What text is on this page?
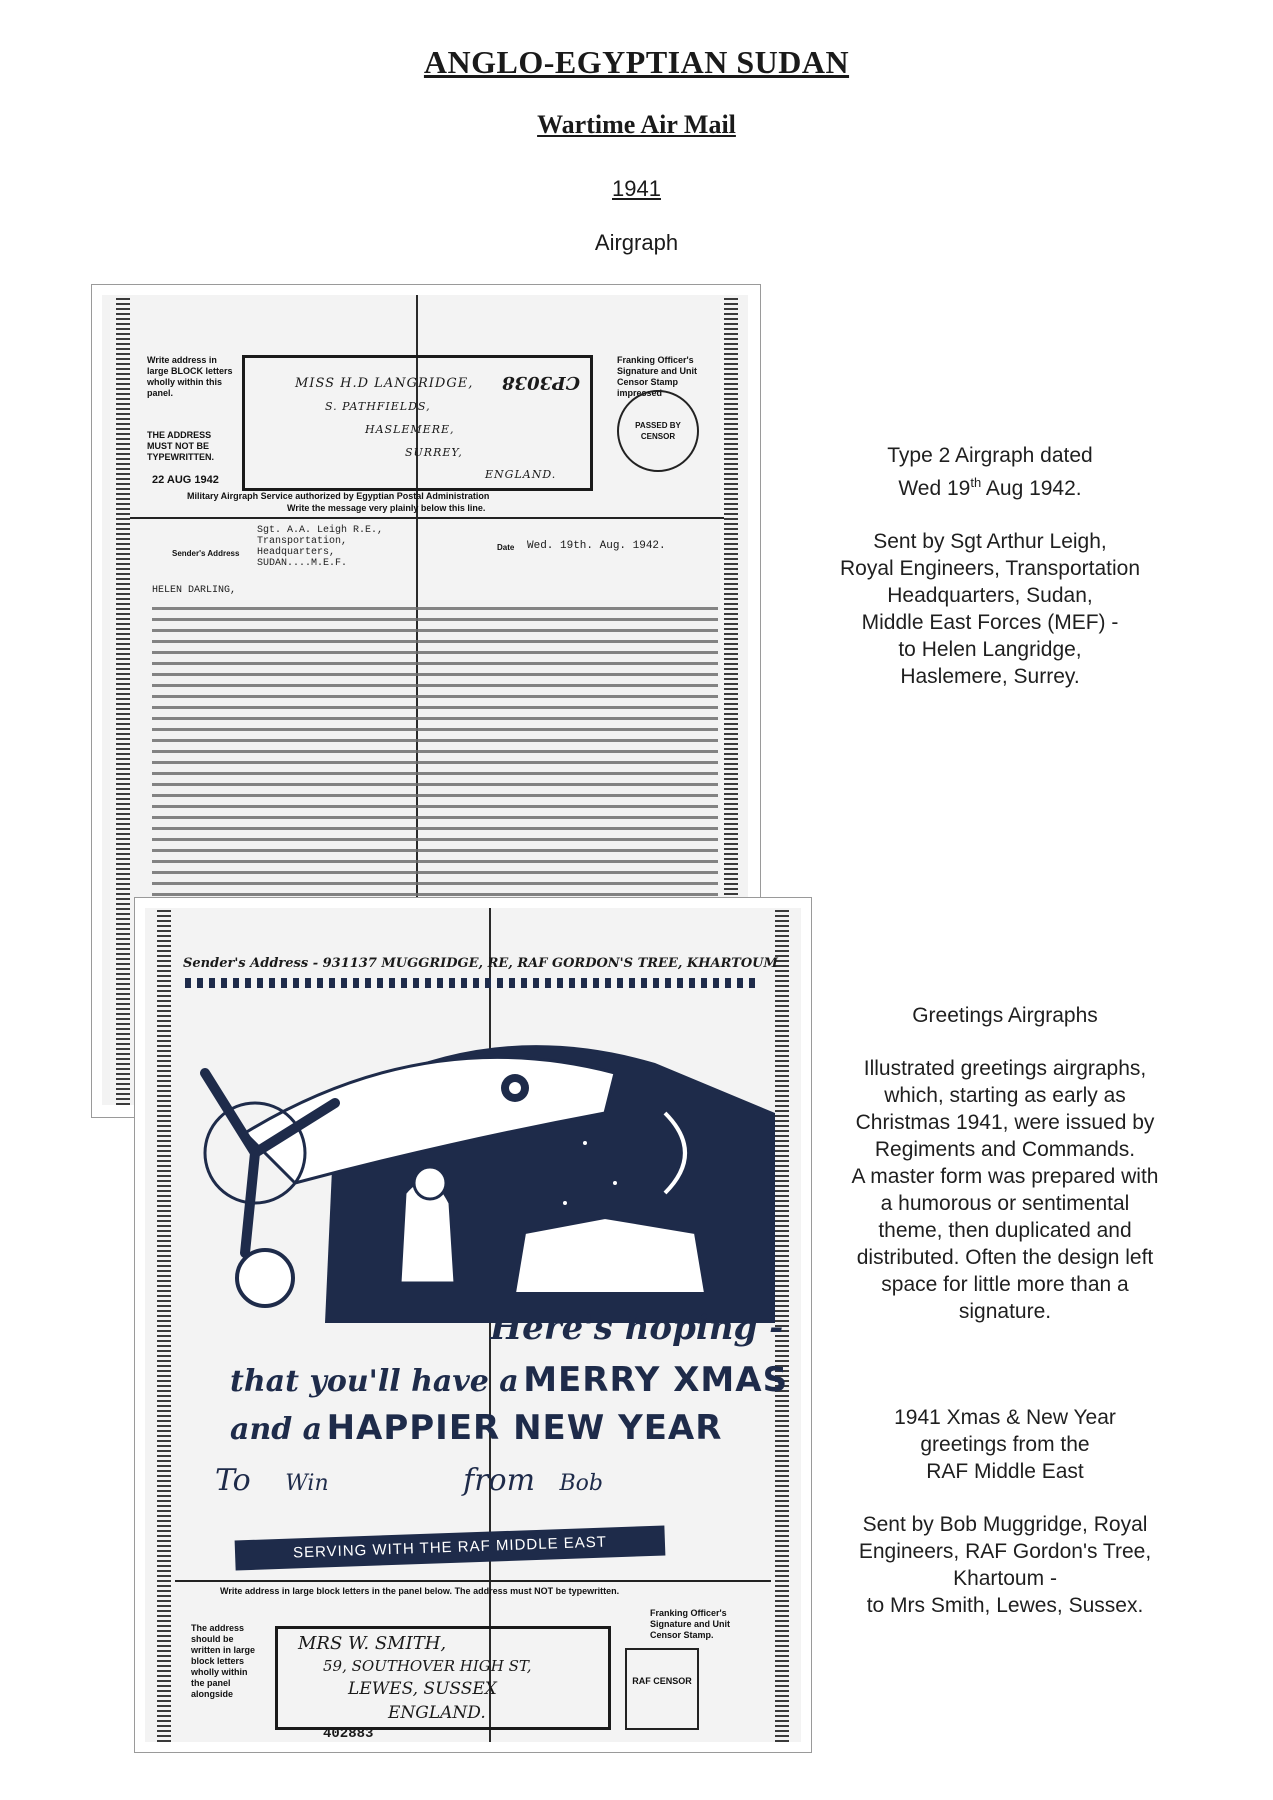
ANGLO-EGYPTIAN SUDAN
Wartime Air Mail
1941
Airgraph
Write address in large BLOCK letters wholly within this panel.
THE ADDRESS MUST NOT BE TYPEWRITTEN.
22 AUG 1942
CP3038
MISS H.D LANGRIDGE,
S. PATHFIELDS,
HASLEMERE,
SURREY,
ENGLAND.
Franking Officer's Signature and Unit Censor Stamp impressed
PASSED BY CENSOR
Military Airgraph Service authorized by Egyptian Postal Administration
Write the message very plainly below this line.
Sender's Address
Sgt. A.A. Leigh R.E.,
Transportation,
Headquarters,
SUDAN....M.E.F.
Date Wed. 19th. Aug. 1942.
HELEN DARLING,
Sender's Address - 931137 MUGGRIDGE, RE, RAF GORDON'S TREE, KHARTOUM
Here's hoping -
that you'll have a MERRY XMAS
and a HAPPIER NEW YEAR
To Win	from Bob
SERVING WITH THE RAF MIDDLE EAST
Write address in large block letters in the panel below. The address must NOT be typewritten.
The address should be written in large block letters wholly within the panel alongside
MRS W. SMITH,
59, SOUTHOVER HIGH ST,
LEWES, SUSSEX
ENGLAND.
Franking Officer's Signature and Unit Censor Stamp.
RAF CENSOR
402883

Type 2 Airgraph dated

Wed 19th Aug 1942.

Sent by Sgt Arthur Leigh,

Royal Engineers, Transportation

Headquarters, Sudan,

Middle East Forces (MEF) -

to Helen Langridge,

Haslemere, Surrey.

Greetings Airgraphs

Illustrated greetings airgraphs,

which, starting as early as

Christmas 1941, were issued by

Regiments and Commands.

A master form was prepared with

a humorous or sentimental

theme, then duplicated and

distributed. Often the design left

space for little more than a

signature.

1941 Xmas & New Year

greetings from the

RAF Middle East

Sent by Bob Muggridge, Royal

Engineers, RAF Gordon's Tree,

Khartoum -

to Mrs Smith, Lewes, Sussex.
